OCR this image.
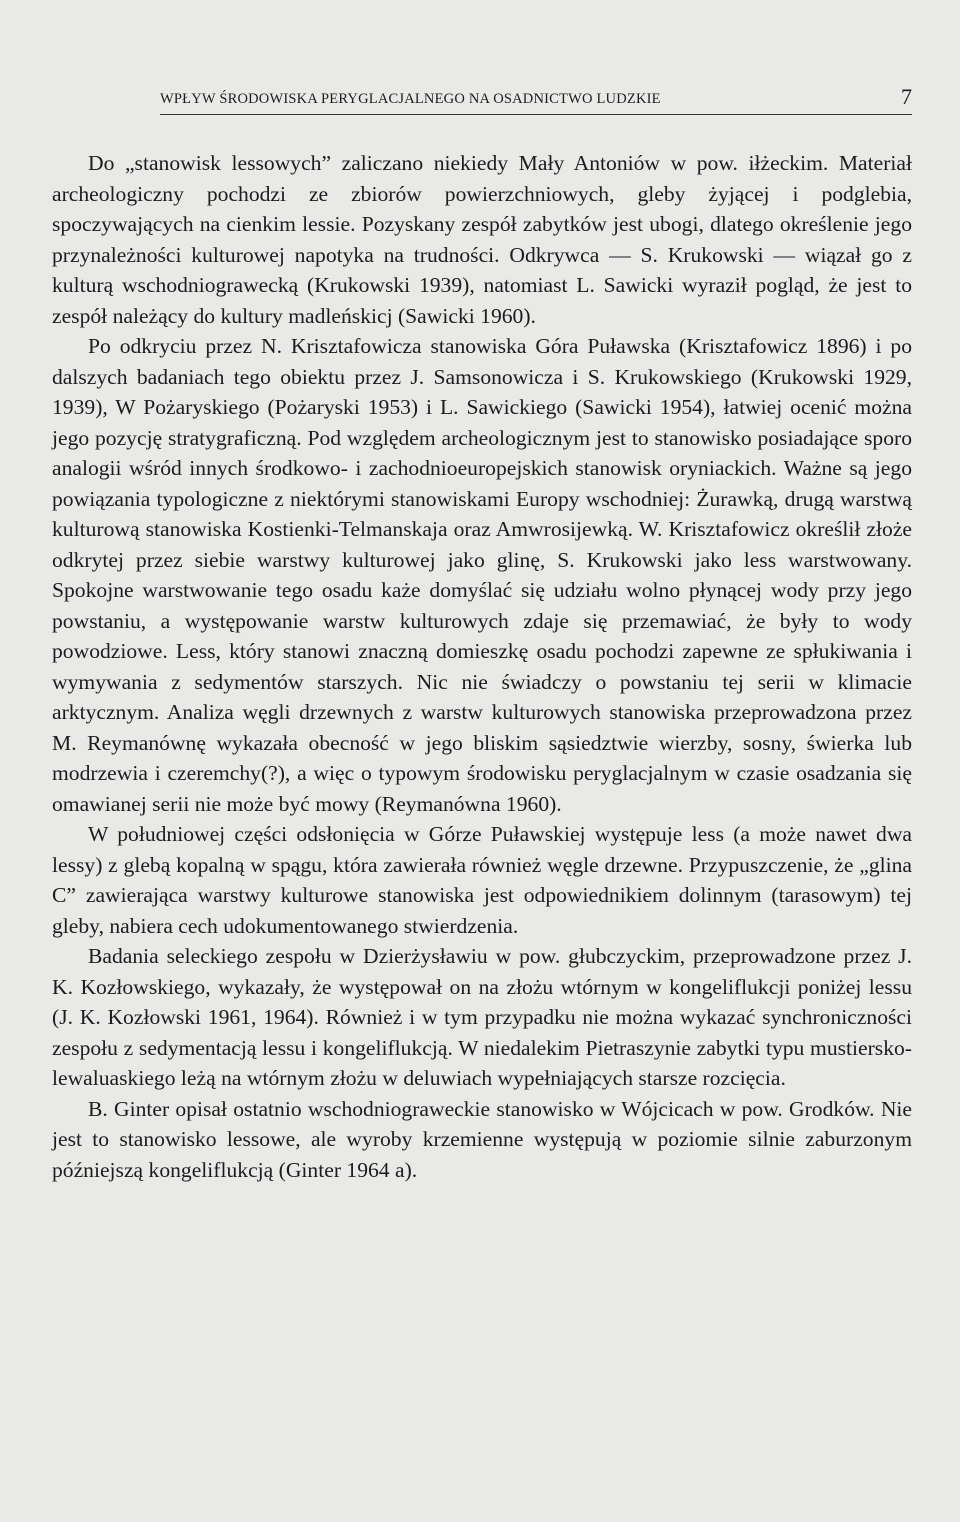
WPŁYW ŚRODOWISKA PERYGLACJALNEGO NA OSADNICTWO LUDZKIE	7

Do „stanowisk lessowych” zaliczano niekiedy Mały Antoniów w pow. iłżeckim. Materiał archeologiczny pochodzi ze zbiorów powierzchniowych, gleby żyjącej i podglebia, spoczywających na cienkim lessie. Pozyskany zespół zabytków jest ubogi, dlatego określenie jego przynależności kulturowej napotyka na trudności. Odkrywca — S. Krukowski — wiązał go z kulturą wschodniograwecką (Krukowski 1939), natomiast L. Sawicki wyraził pogląd, że jest to zespół należący do kultury madleńskicj (Sawicki 1960).

Po odkryciu przez N. Krisztafowicza stanowiska Góra Puławska (Krisztafowicz 1896) i po dalszych badaniach tego obiektu przez J. Samsonowicza i S. Krukowskiego (Krukowski 1929, 1939), W Pożaryskiego (Pożaryski 1953) i L. Sawickiego (Sawicki 1954), łatwiej ocenić można jego pozycję stratygraficzną. Pod względem archeologicznym jest to stanowisko posiadające sporo analogii wśród innych środkowo- i zachodnioeuropejskich stanowisk oryniackich. Ważne są jego powiązania typologiczne z niektórymi stanowiskami Europy wschodniej: Żurawką, drugą warstwą kulturową stanowiska Kostienki-Telmanskaja oraz Amwrosijewką. W. Krisztafowicz określił złoże odkrytej przez siebie warstwy kulturowej jako glinę, S. Krukowski jako less warstwowany. Spokojne warstwowanie tego osadu każe domyślać się udziału wolno płynącej wody przy jego powstaniu, a występowanie warstw kulturowych zdaje się przemawiać, że były to wody powodziowe. Less, który stanowi znaczną domieszkę osadu pochodzi zapewne ze spłukiwania i wymywania z sedymentów starszych. Nic nie świadczy o powstaniu tej serii w klimacie arktycznym. Analiza węgli drzewnych z warstw kulturowych stanowiska przeprowadzona przez M. Reymanównę wykazała obecność w jego bliskim sąsiedztwie wierzby, sosny, świerka lub modrzewia i czeremchy(?), a więc o typowym środowisku peryglacjalnym w czasie osadzania się omawianej serii nie może być mowy (Reymanówna 1960).

W południowej części odsłonięcia w Górze Puławskiej występuje less (a może nawet dwa lessy) z glebą kopalną w spągu, która zawierała również węgle drzewne. Przypuszczenie, że „glina C” zawierająca warstwy kulturowe stanowiska jest odpowiednikiem dolinnym (tarasowym) tej gleby, nabiera cech udokumentowanego stwierdzenia.

Badania seleckiego zespołu w Dzierżysławiu w pow. głubczyckim, przeprowadzone przez J. K. Kozłowskiego, wykazały, że występował on na złożu wtórnym w kongeliflukcji poniżej lessu (J. K. Kozłowski 1961, 1964). Również i w tym przypadku nie można wykazać synchroniczności zespołu z sedymentacją lessu i kongeliflukcją. W niedalekim Pietraszynie zabytki typu mustiersko-lewaluaskiego leżą na wtórnym złożu w deluwiach wypełniających starsze rozcięcia.

B. Ginter opisał ostatnio wschodniograweckie stanowisko w Wójcicach w pow. Grodków. Nie jest to stanowisko lessowe, ale wyroby krzemienne występują w poziomie silnie zaburzonym późniejszą kongeliflukcją (Ginter 1964 a).
